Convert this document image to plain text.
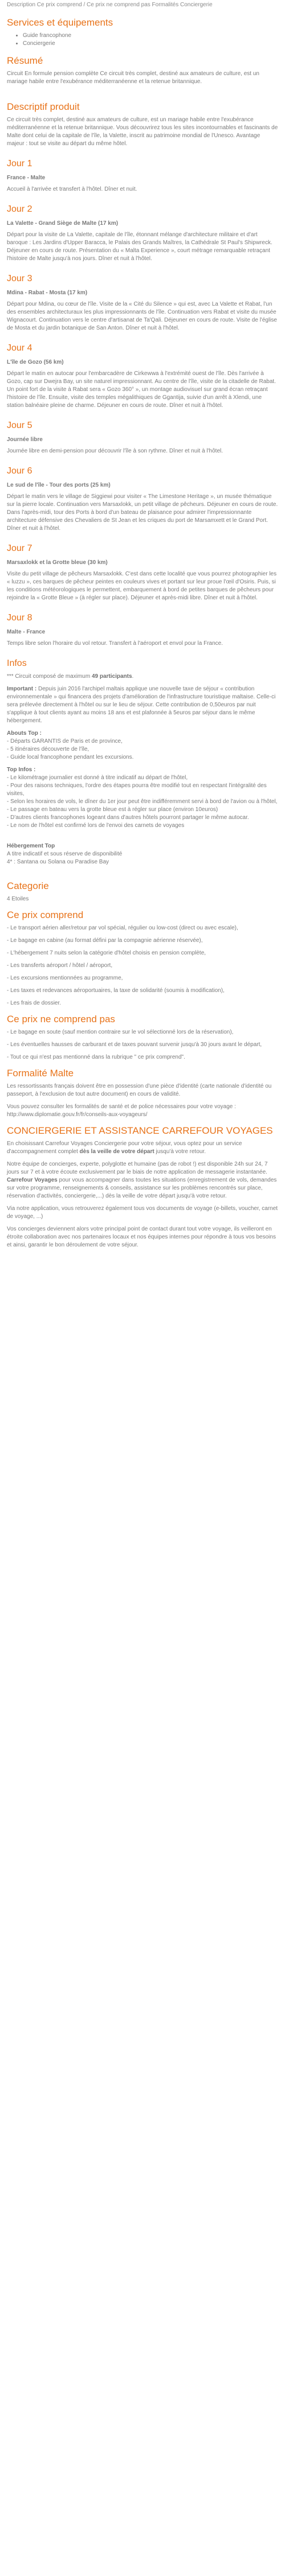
Description Ce prix comprend / Ce prix ne comprend pas Formalités Conciergerie
Services et équipements
• Guide francophone
• Conciergerie
Résumé

Circuit En formule pension complète Ce circuit très complet, destiné aux amateurs de culture, est un mariage habile entre l'exubérance méditerranéenne et la retenue britannique.

Descriptif produit

Ce circuit très complet, destiné aux amateurs de culture, est un mariage habile entre l'exubérance méditerranéenne et la retenue britannique. Vous découvrirez tous les sites incontournables et fascinants de Malte dont celui de la capitale de l'île, la Valette, inscrit au patrimoine mondial de l'Unesco. Avantage majeur : tout se visite au départ du même hôtel.

Jour 1
France - Malte

Accueil à l'arrivée et transfert à l'hôtel. Dîner et nuit.

Jour 2
La Valette - Grand Siège de Malte (17 km)

Départ pour la visite de La Valette, capitale de l'île, étonnant mélange d'architecture militaire et d'art baroque : Les Jardins d'Upper Baracca, le Palais des Grands Maîtres, la Cathédrale St Paul's Shipwreck. Déjeuner en cours de route. Présentation du « Malta Experience », court métrage remarquable retraçant l'histoire de Malte jusqu'à nos jours. Dîner et nuit à l'hôtel.

Jour 3
Mdina - Rabat - Mosta (17 km)

Départ pour Mdina, ou cœur de l'île. Visite de la « Cité du Silence » qui est, avec La Valette et Rabat, l'un des ensembles architecturaux les plus impressionnants de l'île. Continuation vers Rabat et visite du musée Wignacourt. Continuation vers le centre d'artisanat de Ta'Qali. Déjeuner en cours de route. Visite de l'église de Mosta et du jardin botanique de San Anton. Dîner et nuit à l'hôtel.

Jour 4
L'île de Gozo (56 km)

Départ le matin en autocar pour l'embarcadère de Cirkewwa à l'extrémité ouest de l'île. Dès l'arrivée à Gozo, cap sur Dwejra Bay, un site naturel impressionnant. Au centre de l'île, visite de la citadelle de Rabat. Un point fort de la visite à Rabat sera « Gozo 360° », un montage audiovisuel sur grand écran retraçant l'histoire de l'île. Ensuite, visite des temples mégalithiques de Ggantija, suivie d'un arrêt à Xlendi, une station balnéaire pleine de charme. Déjeuner en cours de route. Dîner et nuit à l'hôtel.

Jour 5
Journée libre

Journée libre en demi-pension pour découvrir l'île à son rythme. Dîner et nuit à l'hôtel.

Jour 6
Le sud de l'île - Tour des ports (25 km)

Départ le matin vers le village de Siggiewi pour visiter « The Limestone Heritage », un musée thématique sur la pierre locale. Continuation vers Marsaxlokk, un petit village de pêcheurs. Déjeuner en cours de route. Dans l'après-midi, tour des Ports à bord d'un bateau de plaisance pour admirer l'impressionnante architecture défensive des Chevaliers de St Jean et les criques du port de Marsamxett et le Grand Port. Dîner et nuit à l'hôtel.

Jour 7
Marsaxlokk et la Grotte bleue (30 km)

Visite du petit village de pêcheurs Marsaxlokk. C'est dans cette localité que vous pourrez photographier les « luzzu », ces barques de pêcheur peintes en couleurs vives et portant sur leur proue l'œil d'Osiris. Puis, si les conditions météorologiques le permettent, embarquement à bord de petites barques de pêcheurs pour rejoindre la « Grotte Bleue » (à régler sur place). Déjeuner et après-midi libre. Dîner et nuit à l'hôtel.

Jour 8
Malte - France

Temps libre selon l'horaire du vol retour. Transfert à l'aéroport et envol pour la France.

Infos

*** Circuit composé de maximum 49 participants.

Important : Depuis juin 2016 l'archipel maltais applique une nouvelle taxe de séjour « contribution environnementale » qui financera des projets d'amélioration de l'infrastructure touristique maltaise. Celle-ci sera prélevée directement à l'hôtel ou sur le lieu de séjour. Cette contribution de 0,50euros par nuit s'applique à tout clients ayant au moins 18 ans et est plafonnée à 5euros par séjour dans le même hébergement.

Abouts Top :
- Départs GARANTIS de Paris et de province,
- 5 itinéraires découverte de l'île,
- Guide local francophone pendant les excursions.
Top Infos :
- Le kilométrage journalier est donné à titre indicatif au départ de l'hôtel,
- Pour des raisons techniques, l'ordre des étapes pourra être modifié tout en respectant l'intégralité des visites,
- Selon les horaires de vols, le dîner du 1er jour peut être indifféremment servi à bord de l'avion ou à l'hôtel,
- Le passage en bateau vers la grotte bleue est à régler sur place (environ 10euros)
- D'autres clients francophones logeant dans d'autres hôtels pourront partager le même autocar.
- Le nom de l'hôtel est confirmé lors de l'envoi des carnets de voyages
Hébergement Top
A titre indicatif et sous réserve de disponibilité
4* : Santana ou Solana ou Paradise Bay
Categorie

4 Etoiles

Ce prix comprend

- Le transport aérien aller/retour par vol spécial, régulier ou low-cost (direct ou avec escale),

- Le bagage en cabine (au format défini par la compagnie aérienne réservée),

- L'hébergement 7 nuits selon la catégorie d'hôtel choisis en pension complète,

- Les transferts aéroport / hôtel / aéroport,

- Les excursions mentionnées au programme,

- Les taxes et redevances aéroportuaires, la taxe de solidarité (soumis à modification),

- Les frais de dossier.

Ce prix ne comprend pas

- Le bagage en soute (sauf mention contraire sur le vol sélectionné lors de la réservation),

- Les éventuelles hausses de carburant et de taxes pouvant survenir jusqu'à 30 jours avant le départ,

- Tout ce qui n'est pas mentionné dans la rubrique " ce prix comprend".

Formalité Malte

Les ressortissants français doivent être en possession d'une pièce d'identité (carte nationale d'identité ou passeport, à l'exclusion de tout autre document) en cours de validité.

Vous pouvez consulter les formalités de santé et de police nécessaires pour votre voyage : http://www.diplomatie.gouv.fr/fr/conseils-aux-voyageurs/

CONCIERGERIE ET ASSISTANCE CARREFOUR VOYAGES

En choisissant Carrefour Voyages Conciergerie pour votre séjour, vous optez pour un service d'accompagnement complet dès la veille de votre départ jusqu'à votre retour.

Notre équipe de concierges, experte, polyglotte et humaine (pas de robot !) est disponible 24h sur 24, 7 jours sur 7 et à votre écoute exclusivement par le biais de notre application de messagerie instantanée. Carrefour Voyages pour vous accompagner dans toutes les situations (enregistrement de vols, demandes sur votre programme, renseignements & conseils, assistance sur les problèmes rencontrés sur place, réservation d'activités, conciergerie,...) dès la veille de votre départ jusqu'à votre retour.

Via notre application, vous retrouverez également tous vos documents de voyage (e-billets, voucher, carnet de voyage, ...)

Vos concierges deviennent alors votre principal point de contact durant tout votre voyage, ils veilleront en étroite collaboration avec nos partenaires locaux et nos équipes internes pour répondre à tous vos besoins et ainsi, garantir le bon déroulement de votre séjour.
